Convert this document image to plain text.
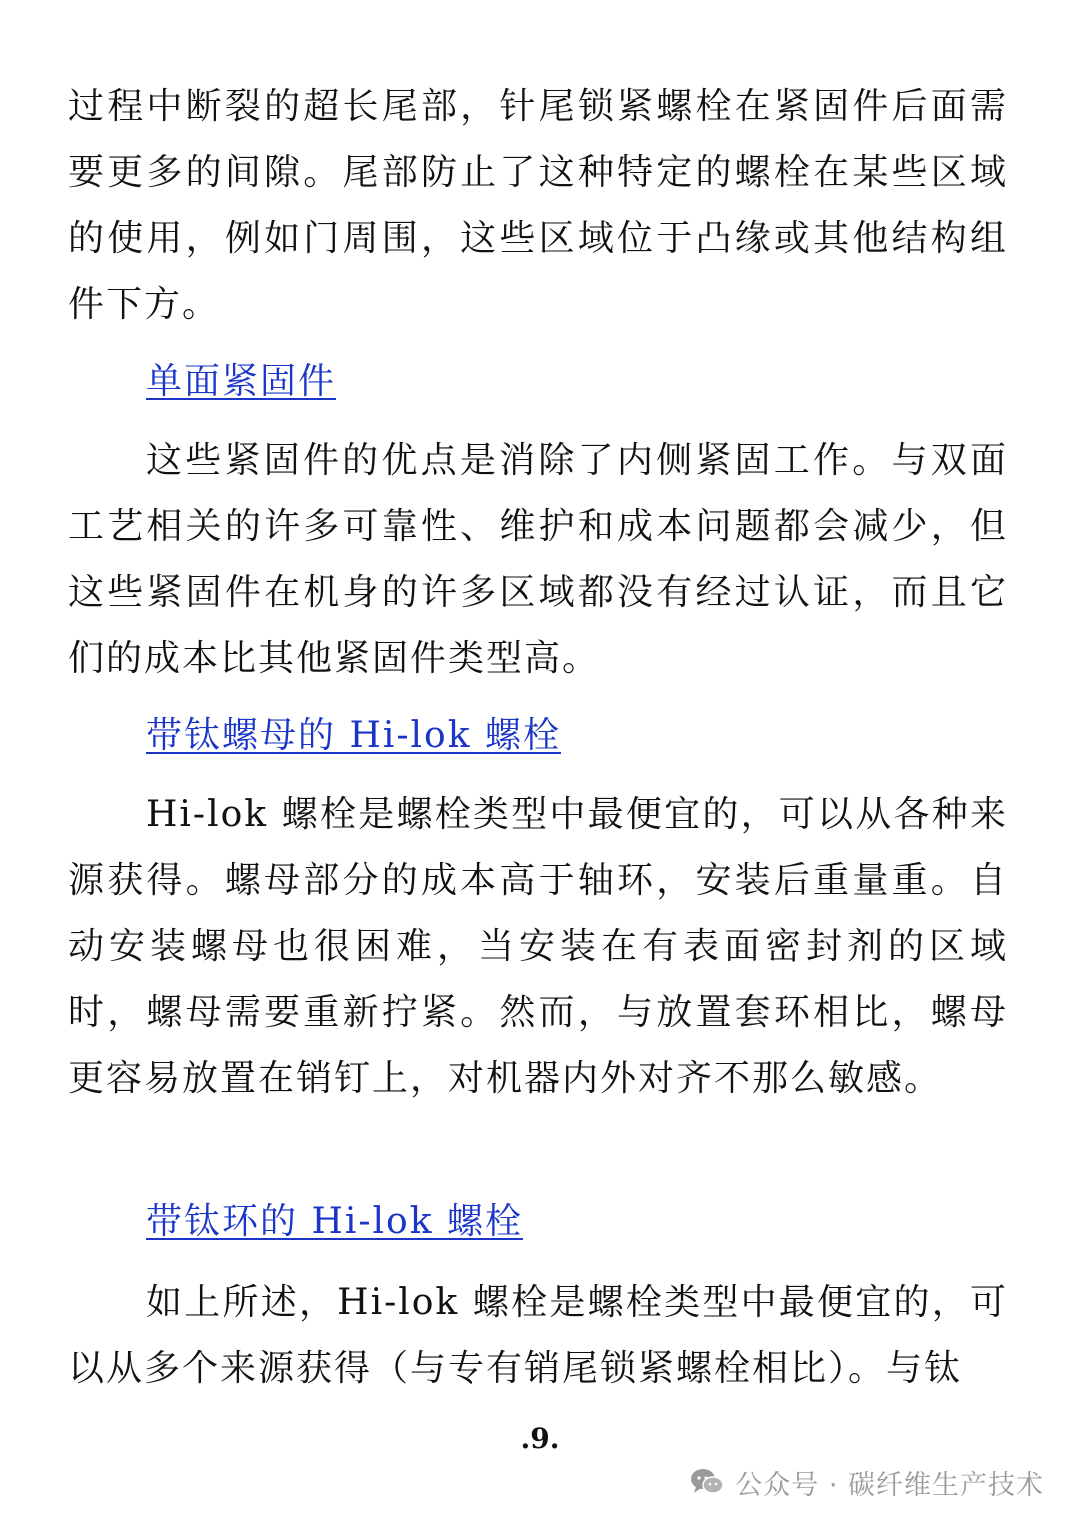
过程中断裂的超长尾部，针尾锁紧螺栓在紧固件后面需要更多的间隙。尾部防止了这种特定的螺栓在某些区域的使用，例如门周围，这些区域位于凸缘或其他结构组件下方。

单面紧固件

这些紧固件的优点是消除了内侧紧固工作。与双面工艺相关的许多可靠性、维护和成本问题都会减少，但这些紧固件在机身的许多区域都没有经过认证，而且它们的成本比其他紧固件类型高。

带钛螺母的 Hi-lok 螺栓

Hi-lok 螺栓是螺栓类型中最便宜的，可以从各种来源获得。螺母部分的成本高于轴环，安装后重量重。自动安装螺母也很困难，当安装在有表面密封剂的区域时，螺母需要重新拧紧。然而，与放置套环相比，螺母更容易放置在销钉上，对机器内外对齐不那么敏感。

带钛环的 Hi-lok 螺栓

如上所述，Hi-lok 螺栓是螺栓类型中最便宜的，可以从多个来源获得（与专有销尾锁紧螺栓相比）。与钛

.9.
公众号 · 碳纤维生产技术
